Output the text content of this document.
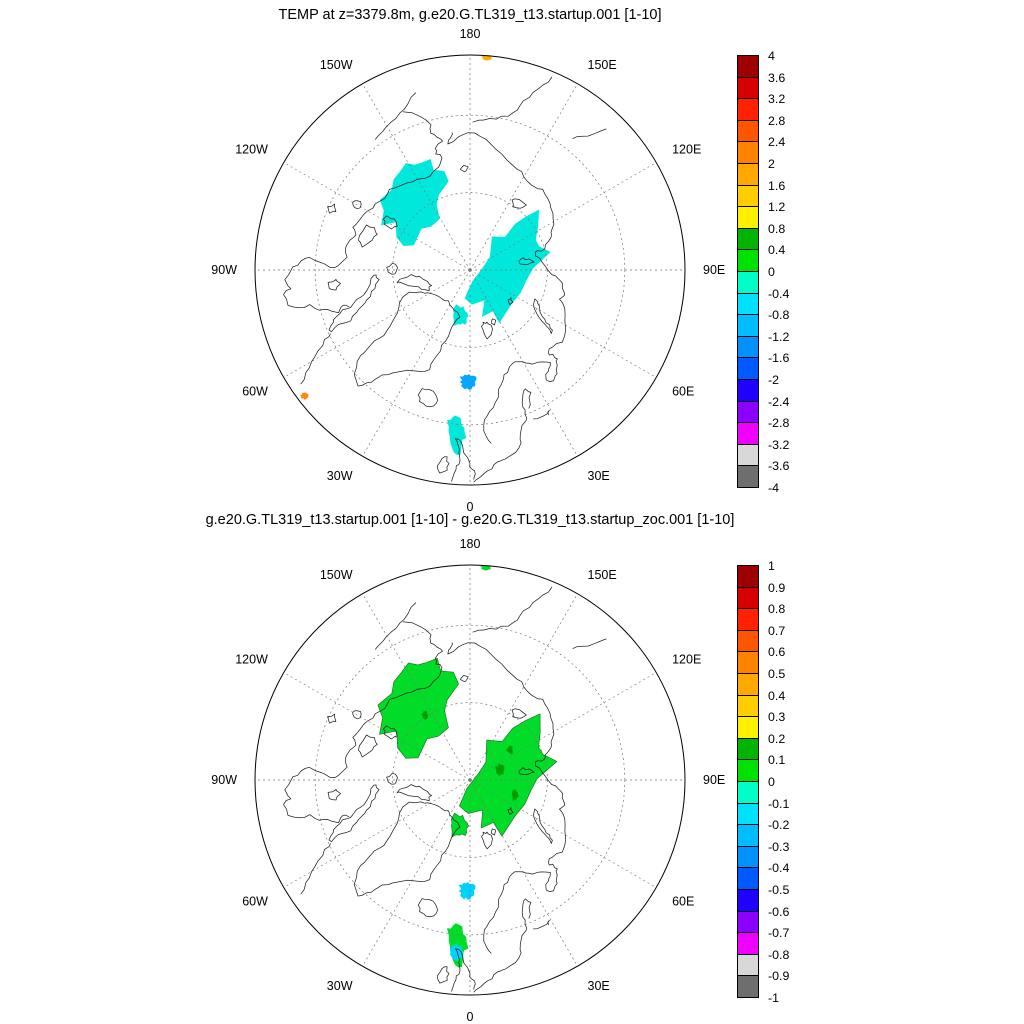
TEMP at z=3379.8m, g.e20.G.TL319_t13.startup.001 [1-10]
180
150E
120E
90E
60E
30E
0
30W
60W
90W
120W
150W
4
3.6
3.2
2.8
2.4
2
1.6
1.2
0.8
0.4
0
-0.4
-0.8
-1.2
-1.6
-2
-2.4
-2.8
-3.2
-3.6
-4
g.e20.G.TL319_t13.startup.001 [1-10] - g.e20.G.TL319_t13.startup_zoc.001 [1-10]
180
150E
120E
90E
60E
30E
0
30W
60W
90W
120W
150W
1
0.9
0.8
0.7
0.6
0.5
0.4
0.3
0.2
0.1
0
-0.1
-0.2
-0.3
-0.4
-0.5
-0.6
-0.7
-0.8
-0.9
-1
